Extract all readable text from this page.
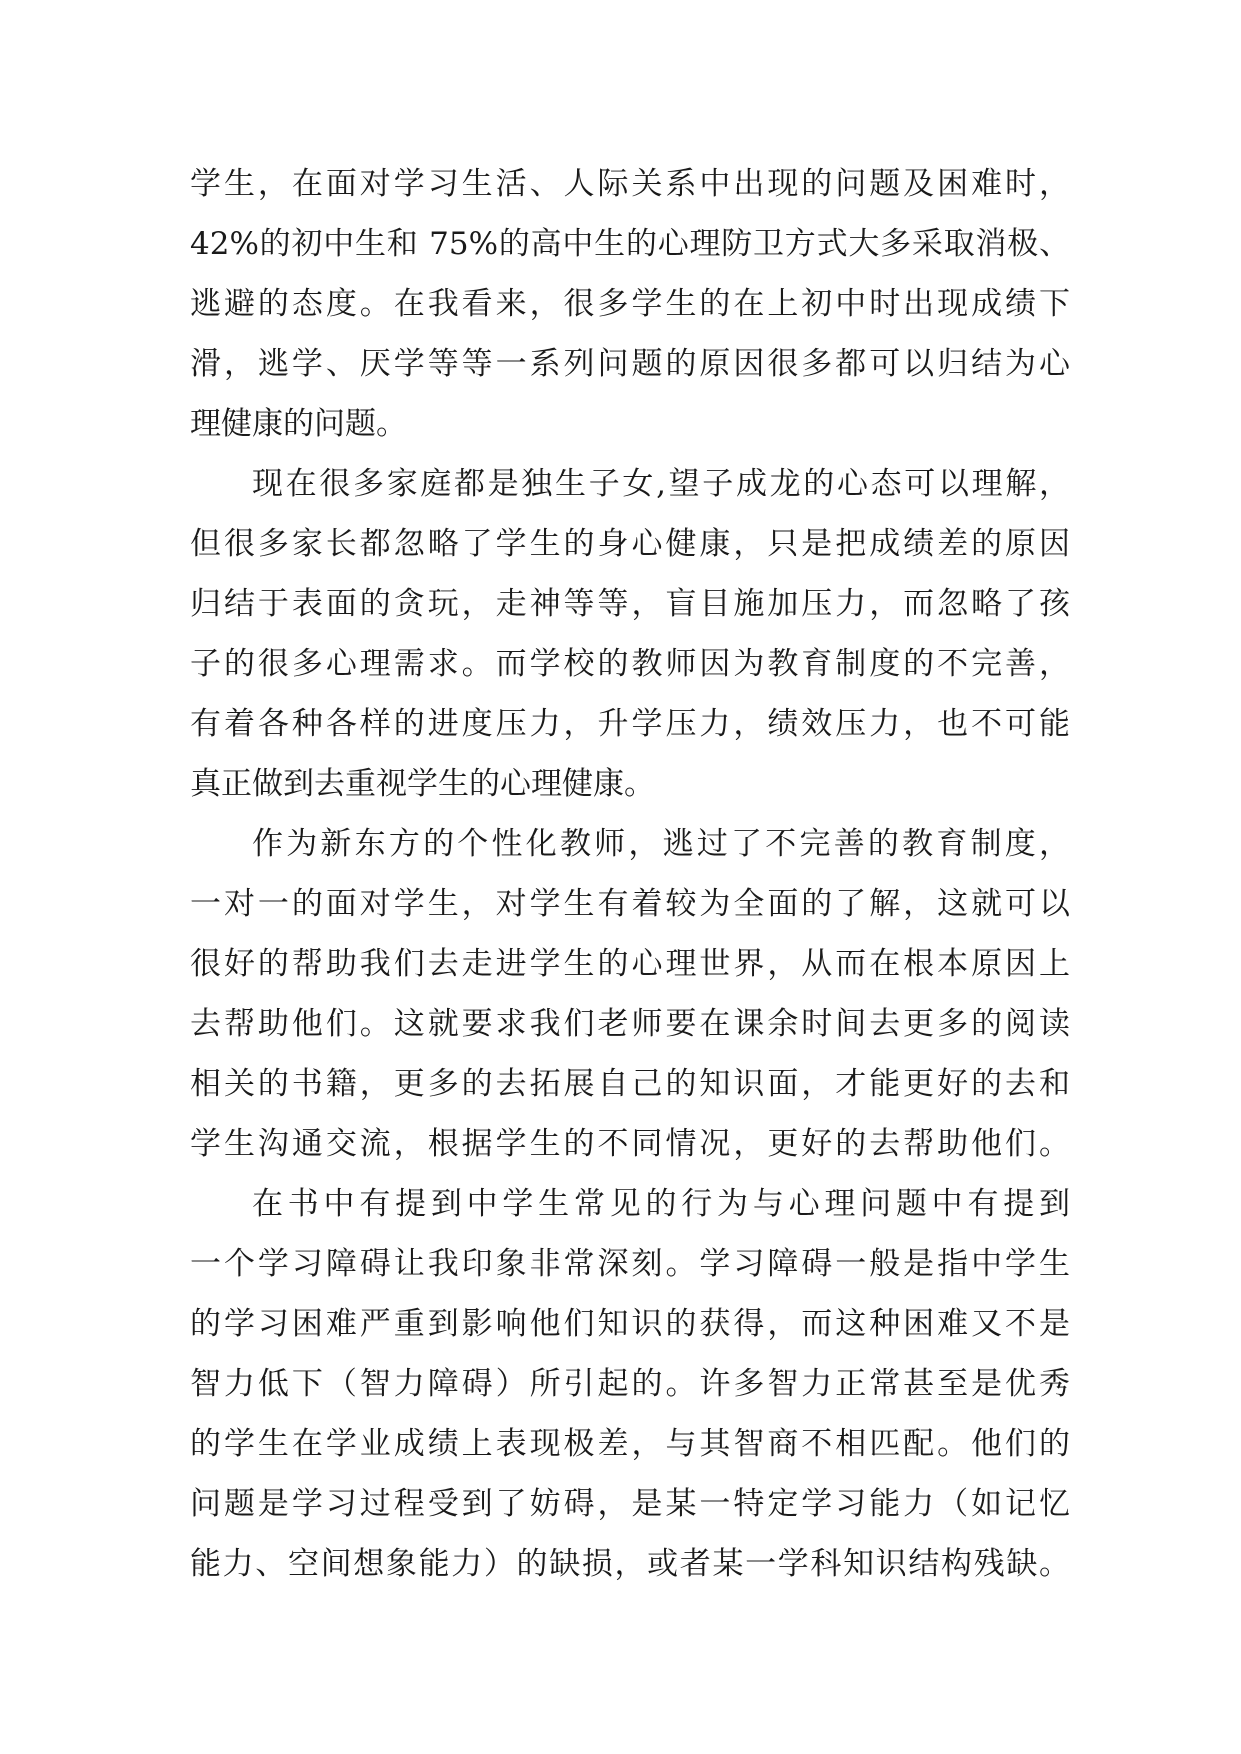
学生，在面对学习生活、人际关系中出现的问题及困难时，
42%的初中生和 75%的高中生的心理防卫方式大多采取消极、
逃避的态度。在我看来，很多学生的在上初中时出现成绩下
滑，逃学、厌学等等一系列问题的原因很多都可以归结为心
理健康的问题。
现在很多家庭都是独生子女,望子成龙的心态可以理解，
但很多家长都忽略了学生的身心健康，只是把成绩差的原因
归结于表面的贪玩，走神等等，盲目施加压力，而忽略了孩
子的很多心理需求。而学校的教师因为教育制度的不完善，
有着各种各样的进度压力，升学压力，绩效压力，也不可能
真正做到去重视学生的心理健康。
作为新东方的个性化教师，逃过了不完善的教育制度，
一对一的面对学生，对学生有着较为全面的了解，这就可以
很好的帮助我们去走进学生的心理世界，从而在根本原因上
去帮助他们。这就要求我们老师要在课余时间去更多的阅读
相关的书籍，更多的去拓展自己的知识面，才能更好的去和
学生沟通交流，根据学生的不同情况，更好的去帮助他们。
在书中有提到中学生常见的行为与心理问题中有提到
一个学习障碍让我印象非常深刻。学习障碍一般是指中学生
的学习困难严重到影响他们知识的获得，而这种困难又不是
智力低下（智力障碍）所引起的。许多智力正常甚至是优秀
的学生在学业成绩上表现极差，与其智商不相匹配。他们的
问题是学习过程受到了妨碍，是某一特定学习能力（如记忆
能力、空间想象能力）的缺损，或者某一学科知识结构残缺。
